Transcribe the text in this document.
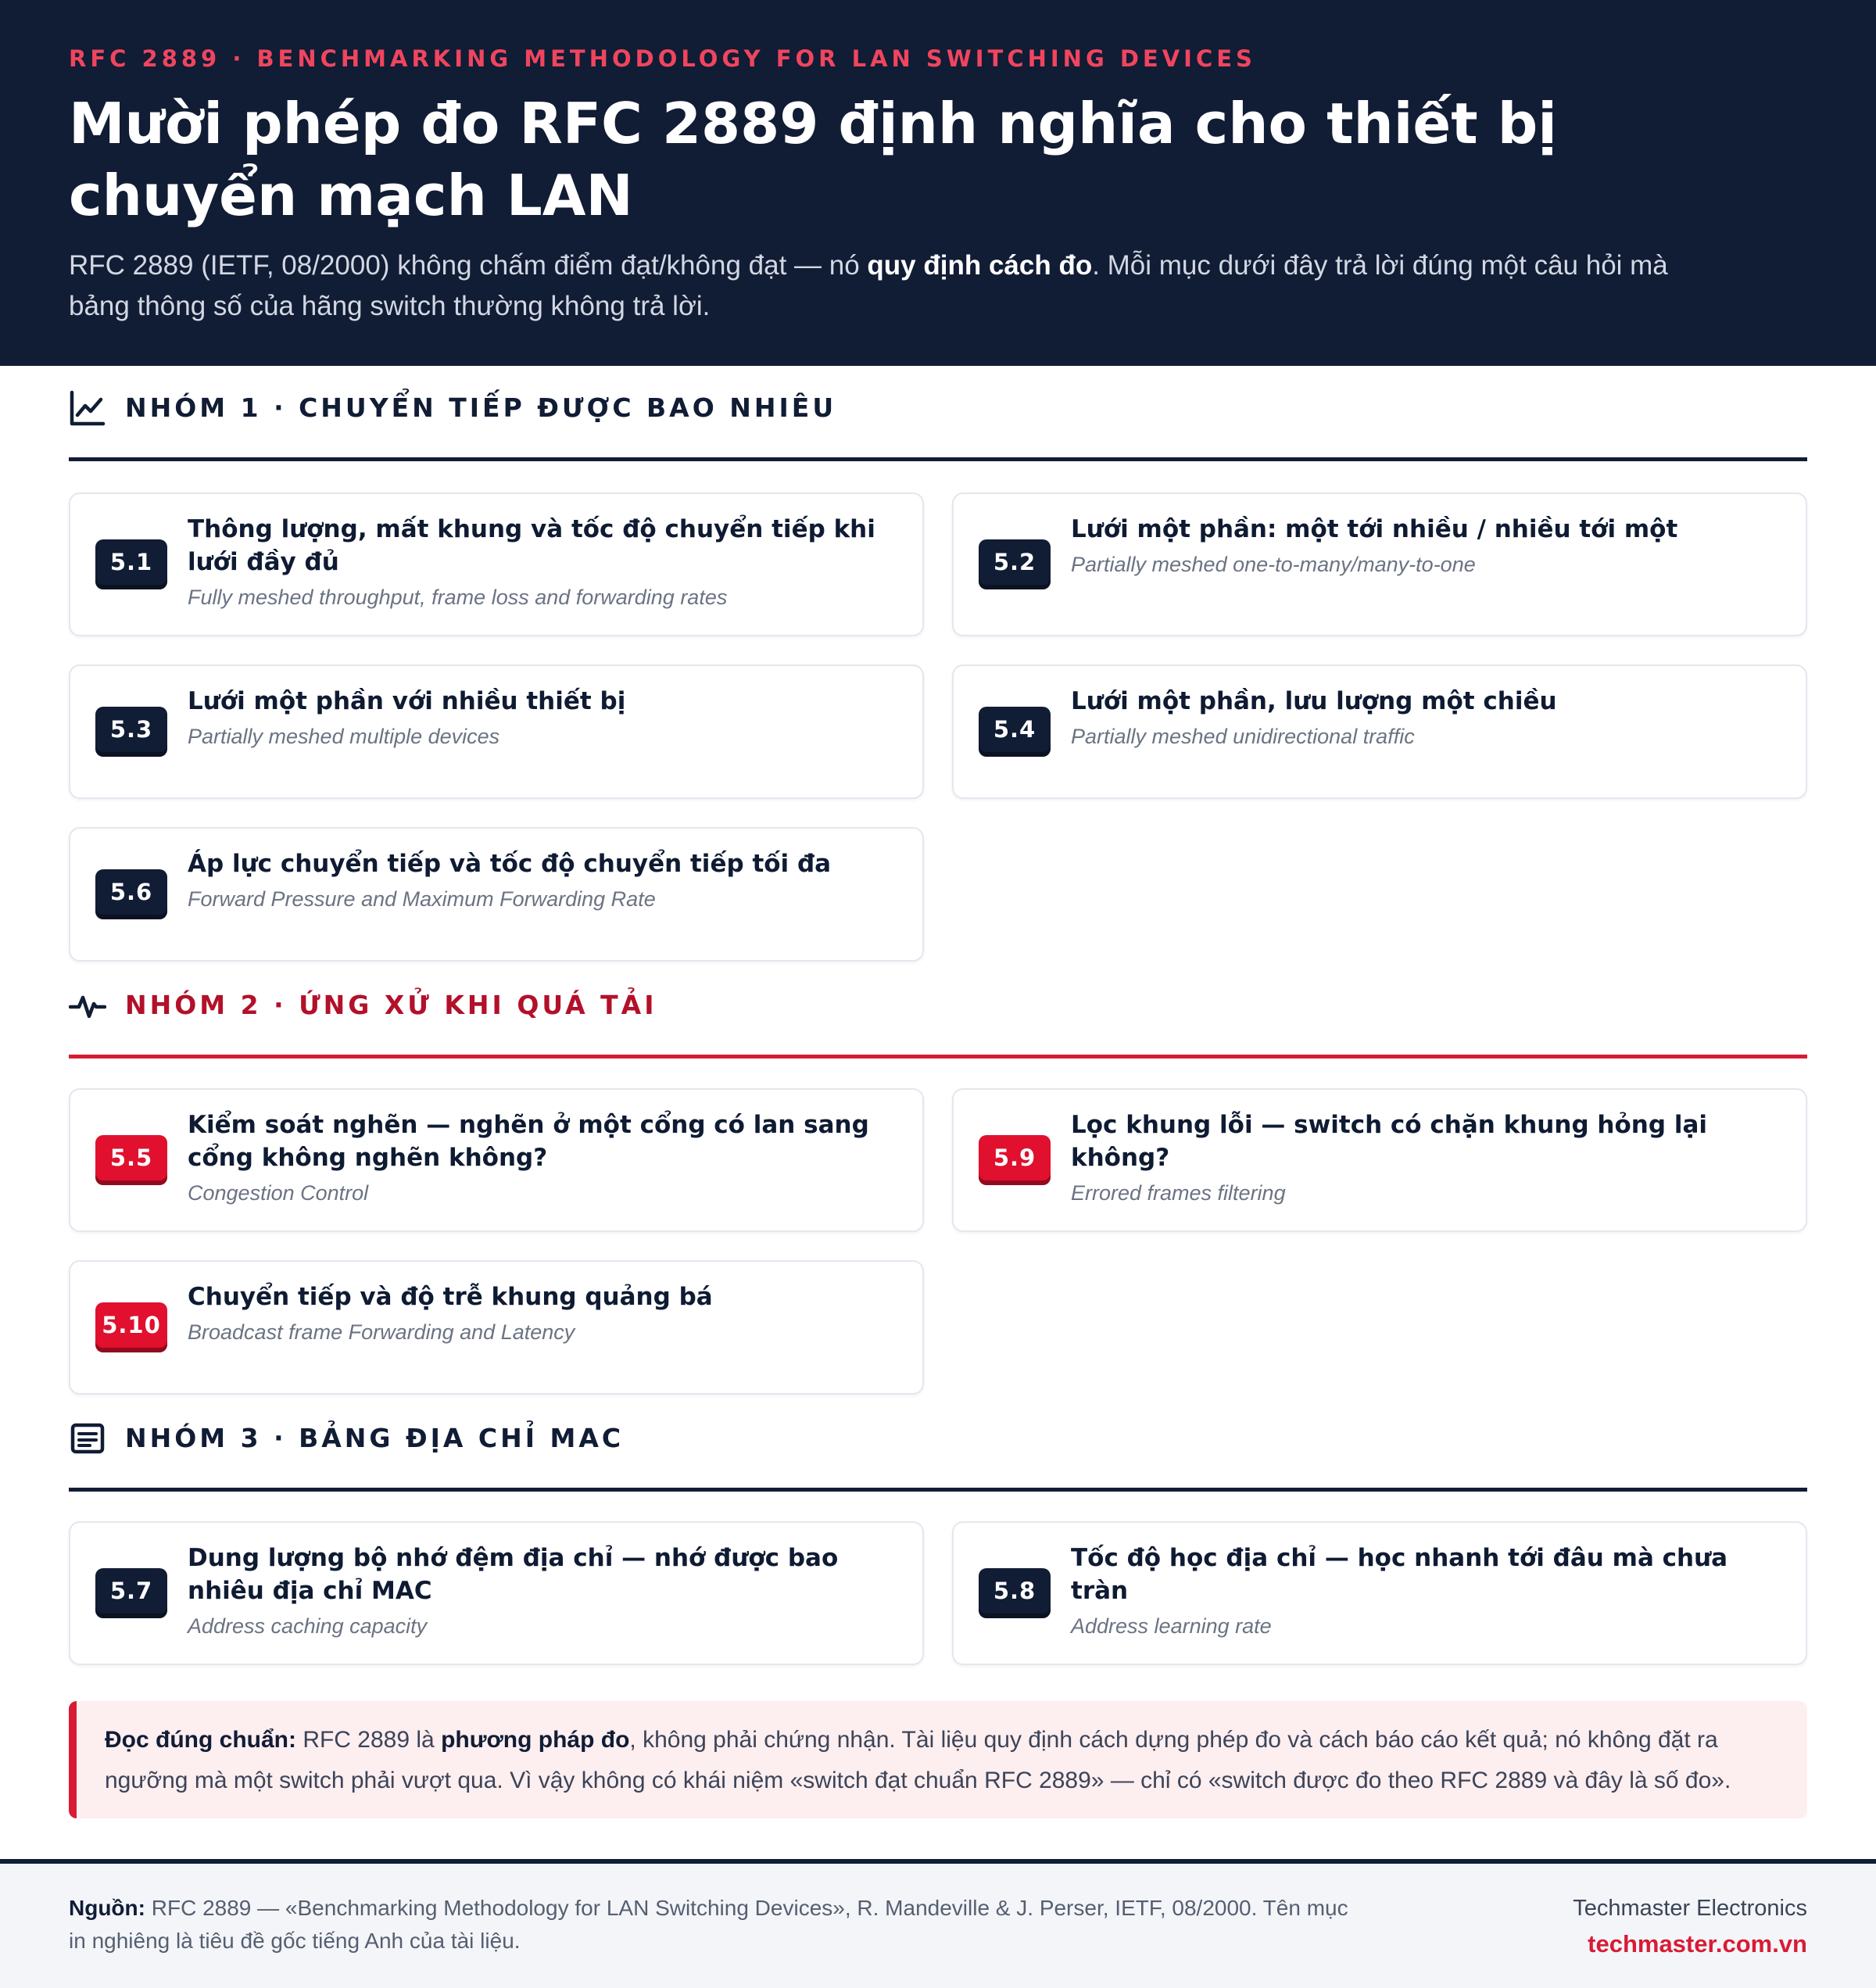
RFC 2889 · BENCHMARKING METHODOLOGY FOR LAN SWITCHING DEVICES
Mười phép đo RFC 2889 định nghĩa cho thiết bị chuyển mạch LAN

RFC 2889 (IETF, 08/2000) không chấm điểm đạt/không đạt — nó quy định cách đo. Mỗi mục dưới đây trả lời đúng một câu hỏi mà bảng thông số của hãng switch thường không trả lời.

NHÓM 1 · CHUYỂN TIẾP ĐƯỢC BAO NHIÊU
5.1
Thông lượng, mất khung và tốc độ chuyển tiếp khi lưới đầy đủ
Fully meshed throughput, frame loss and forwarding rates
5.2
Lưới một phần: một tới nhiều / nhiều tới một
Partially meshed one-to-many/many-to-one
5.3
Lưới một phần với nhiều thiết bị
Partially meshed multiple devices	5.4
Lưới một phần, lưu lượng một chiều
Partially meshed unidirectional traffic
5.6
Áp lực chuyển tiếp và tốc độ chuyển tiếp tối đa
Forward Pressure and Maximum Forwarding Rate
NHÓM 2 · ỨNG XỬ KHI QUÁ TẢI
5.5
Kiểm soát nghẽn — nghẽn ở một cổng có lan sang cổng không nghẽn không?
Congestion Control
5.9
Lọc khung lỗi — switch có chặn khung hỏng lại không?
Errored frames filtering
5.10
Chuyển tiếp và độ trễ khung quảng bá
Broadcast frame Forwarding and Latency
NHÓM 3 · BẢNG ĐỊA CHỈ MAC
5.7
Dung lượng bộ nhớ đệm địa chỉ — nhớ được bao nhiêu địa chỉ MAC
Address caching capacity
5.8
Tốc độ học địa chỉ — học nhanh tới đâu mà chưa tràn
Address learning rate
Đọc đúng chuẩn: RFC 2889 là phương pháp đo, không phải chứng nhận. Tài liệu quy định cách dựng phép đo và cách báo cáo kết quả; nó không đặt ra ngưỡng mà một switch phải vượt qua. Vì vậy không có khái niệm «switch đạt chuẩn RFC 2889» — chỉ có «switch được đo theo RFC 2889 và đây là số đo».

Nguồn: RFC 2889 — «Benchmarking Methodology for LAN Switching Devices», R. Mandeville & J. Perser, IETF, 08/2000. Tên mục in nghiêng là tiêu đề gốc tiếng Anh của tài liệu.

Techmaster Electronics
techmaster.com.vn
